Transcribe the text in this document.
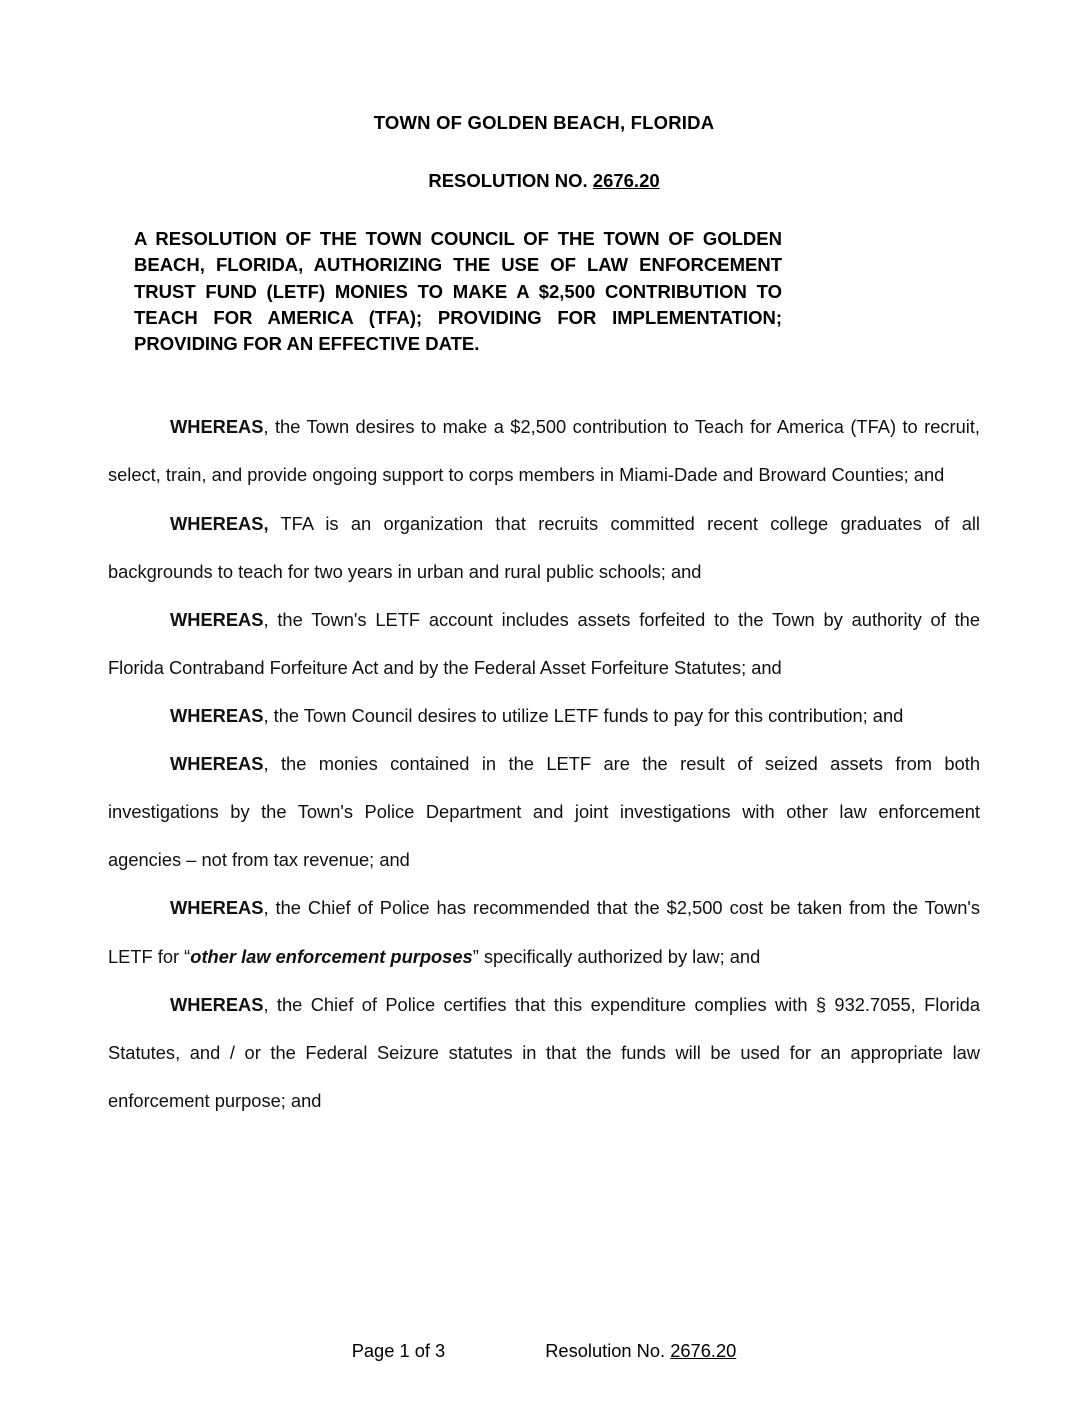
TOWN OF GOLDEN BEACH, FLORIDA
RESOLUTION NO. 2676.20
A RESOLUTION OF THE TOWN COUNCIL OF THE TOWN OF GOLDEN BEACH, FLORIDA, AUTHORIZING THE USE OF LAW ENFORCEMENT TRUST FUND (LETF) MONIES TO MAKE A $2,500 CONTRIBUTION TO TEACH FOR AMERICA (TFA); PROVIDING FOR IMPLEMENTATION; PROVIDING FOR AN EFFECTIVE DATE.

WHEREAS, the Town desires to make a $2,500 contribution to Teach for America (TFA) to recruit, select, train, and provide ongoing support to corps members in Miami-Dade and Broward Counties; and

WHEREAS, TFA is an organization that recruits committed recent college graduates of all backgrounds to teach for two years in urban and rural public schools; and

WHEREAS, the Town's LETF account includes assets forfeited to the Town by authority of the Florida Contraband Forfeiture Act and by the Federal Asset Forfeiture Statutes; and

WHEREAS, the Town Council desires to utilize LETF funds to pay for this contribution; and

WHEREAS, the monies contained in the LETF are the result of seized assets from both investigations by the Town's Police Department and joint investigations with other law enforcement agencies – not from tax revenue; and

WHEREAS, the Chief of Police has recommended that the $2,500 cost be taken from the Town's LETF for “other law enforcement purposes” specifically authorized by law; and

WHEREAS, the Chief of Police certifies that this expenditure complies with § 932.7055, Florida Statutes, and / or the Federal Seizure statutes in that the funds will be used for an appropriate law enforcement purpose; and

Page 1 of 3	Resolution No. 2676.20
